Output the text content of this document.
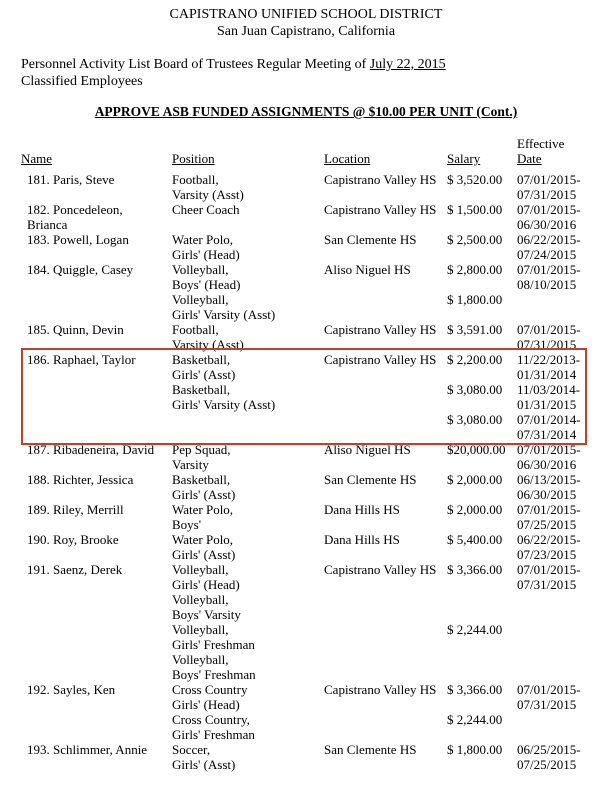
CAPISTRANO UNIFIED SCHOOL DISTRICT
San Juan Capistrano, California
Personnel Activity List Board of Trustees Regular Meeting of July 22, 2015
Classified Employees
APPROVE ASB FUNDED ASSIGNMENTS @ $10.00 PER UNIT (Cont.)
Name	Position	Location	Salary
Effective
Date
181. Paris, Steve	Football,	Capistrano Valley HS $ 3,520.00 07/01/2015-
Varsity (Asst)	07/31/2015
182. Poncedeleon,	Cheer Coach	Capistrano Valley HS $ 1,500.00 07/01/2015-
Brianca	06/30/2016
183. Powell, Logan	Water Polo,	San Clemente HS $ 2,500.00 06/22/2015-
Girls' (Head)	07/24/2015
184. Quiggle, Casey	Volleyball,	Aliso Niguel HS	$ 2,800.00 07/01/2015-
Boys' (Head)	08/10/2015
Volleyball,	$ 1,800.00
Girls' Varsity (Asst)
185. Quinn, Devin	Football,	Capistrano Valley HS $ 3,591.00 07/01/2015-
Varsity (Asst)	07/31/2015
186. Raphael, Taylor	Basketball,	Capistrano Valley HS $ 2,200.00 11/22/2013-
Girls' (Asst)	01/31/2014
Basketball,	$ 3,080.00 11/03/2014-
Girls' Varsity (Asst)	01/31/2015
$ 3,080.00 07/01/2014-
07/31/2014
187. Ribadeneira, David Pep Squad,	Aliso Niguel HS	$20,000.00 07/01/2015-
Varsity	06/30/2016
188. Richter, Jessica	Basketball,	San Clemente HS $ 2,000.00 06/13/2015-
Girls' (Asst)	06/30/2015
189. Riley, Merrill	Water Polo,	Dana Hills HS	$ 2,000.00 07/01/2015-
Boys'	07/25/2015
190. Roy, Brooke	Water Polo,	Dana Hills HS	$ 5,400.00 06/22/2015-
Girls' (Asst)	07/23/2015
191. Saenz, Derek	Volleyball,	Capistrano Valley HS $ 3,366.00 07/01/2015-
Girls' (Head)	07/31/2015
Volleyball,
Boys' Varsity
Volleyball,	$ 2,244.00
Girls' Freshman
Volleyball,
Boys' Freshman
192. Sayles, Ken	Cross Country	Capistrano Valley HS $ 3,366.00 07/01/2015-
Girls' (Head)	07/31/2015
Cross Country,	$ 2,244.00
Girls' Freshman
193. Schlimmer, Annie Soccer,	San Clemente HS $ 1,800.00 06/25/2015-
Girls' (Asst)	07/25/2015
